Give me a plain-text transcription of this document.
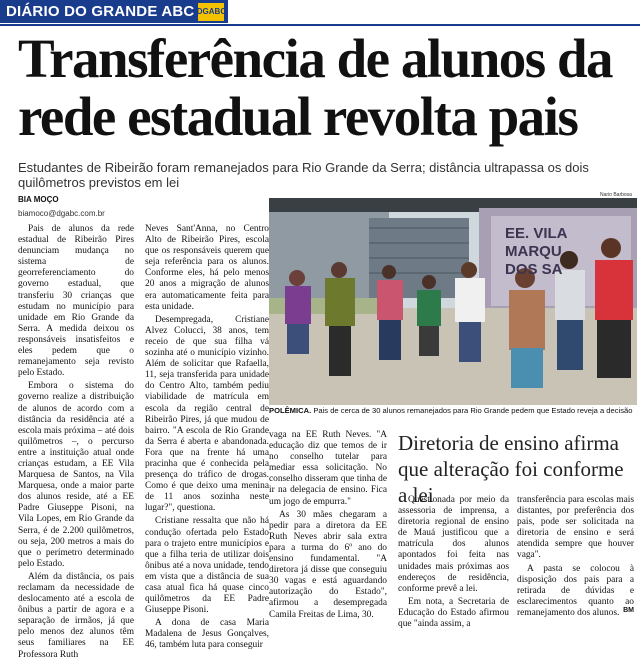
DIÁRIO DO GRANDE ABC DGABC
Transferência de alunos da rede estadual revolta pais
Estudantes de Ribeirão foram remanejados para Rio Grande da Serra; distância ultrapassa os dois quilômetros previstos em lei
BIA MOÇO
biamoco@dgabc.com.br

Pais de alunos da rede estadual de Ribeirão Pires denunciam mudança no sistema de georreferenciamento do governo estadual, que transferiu 30 crianças que estudam no município para unidade em Rio Grande da Serra. A medida deixou os responsáveis insatisfeitos e eles pedem que o remanejamento seja revisto pelo Estado.

Embora o sistema do governo realize a distribuição de alunos de acordo com a distância da residência até a escola mais próxima – até dois quilômetros –, o percurso entre a instituição atual onde crianças estudam, a EE Vila Marquesa de Santos, na Vila Marquesa, onde a maior parte dos alunos reside, até a EE Padre Giuseppe Pisoni, na Vila Lopes, em Rio Grande da Serra, é de 2.200 quilômetros, ou seja, 200 metros a mais do que o perímetro determinado pelo Estado.

Além da distância, os pais reclamam da necessidade de deslocamento até a escola de ônibus a partir de agora e a separação de irmãos, já que pelo menos dez alunos têm seus familiares na EE Professora Ruth

Neves Sant'Anna, no Centro Alto de Ribeirão Pires, escola que os responsáveis querem que seja referência para os alunos. Conforme eles, há pelo menos 20 anos a migração de alunos era automaticamente feita para esta unidade.

Desempregada, Cristiane Alvez Colucci, 38 anos, tem receio de que sua filha vá sozinha até o município vizinho. Além de solicitar que Rafaella, 11, seja transferida para unidade do Centro Alto, também pediu viabilidade de matrícula em escola da região central de Ribeirão Pires, já que mudou de bairro. "A escola de Rio Grande da Serra é aberta e abandonada. Fora que na frente há uma pracinha que é conhecida pela presença do tráfico de drogas. Como é que deixo uma menina de 11 anos sozinha neste lugar?", questiona.

Cristiane ressalta que não há condução ofertada pelo Estado para o trajeto entre municípios e que a filha teria de utilizar dois ônibus até a nova unidade, tendo em vista que a distância de sua casa atual fica há quase cinco quilômetros da EE Padre Giuseppe Pisoni.

A dona de casa Maria Madalena de Jesus Gonçalves, 46, também luta para conseguir

Nario Barbosa
EE. VILA
MARQU
DOS SA
POLÊMICA. Pais de cerca de 30 alunos remanejados para Rio Grande pedem que Estado reveja a decisão

vaga na EE Ruth Neves. "A educação diz que temos de ir no conselho tutelar para mediar essa solicitação. No conselho disseram que tinha de ir na delegacia de ensino. Fica um jogo de empurra."

As 30 mães chegaram a pedir para a diretora da EE Ruth Neves abrir sala extra para a turma do 6º ano do ensino fundamental. "A diretora já disse que conseguiu 30 vagas e está aguardando autorização do Estado", afirmou a desempregada Camila Freitas de Lima, 30.

Diretoria de ensino afirma que alteração foi conforme a lei

Questionada por meio da assessoria de imprensa, a diretoria regional de ensino de Mauá justificou que a matrícula dos alunos apontados foi feita nas unidades mais próximas aos endereços de residência, conforme prevê a lei.

Em nota, a Secretaria de Educação do Estado afirmou que "ainda assim, a

transferência para escolas mais distantes, por preferência dos pais, pode ser solicitada na diretoria de ensino e será atendida sempre que houver vaga".

A pasta se colocou à disposição dos pais para a retirada de dúvidas e esclarecimentos quanto ao remanejamento dos alunos. BM
